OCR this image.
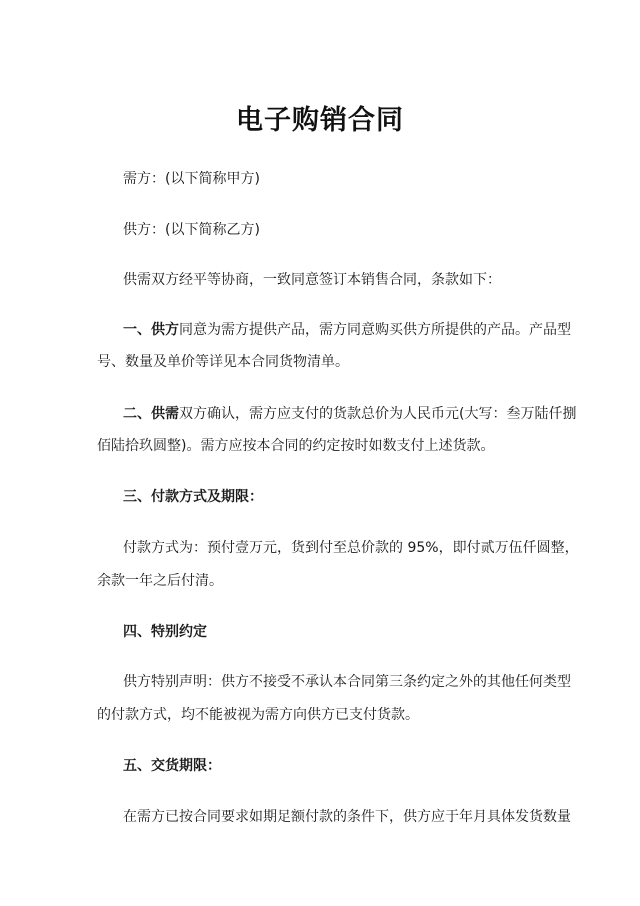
电子购销合同
需方：(以下简称甲方)
供方：(以下简称乙方)
供需双方经平等协商，一致同意签订本销售合同，条款如下：
一、供方同意为需方提供产品，需方同意购买供方所提供的产品。产品型
号、数量及单价等详见本合同货物清单。
二、供需双方确认，需方应支付的货款总价为人民币元(大写：叁万陆仟捌
佰陆拾玖圆整)。需方应按本合同的约定按时如数支付上述货款。
三、付款方式及期限：
付款方式为：预付壹万元，货到付至总价款的 95%，即付贰万伍仟圆整，
余款一年之后付清。
四、特别约定
供方特别声明：供方不接受不承认本合同第三条约定之外的其他任何类型
的付款方式，均不能被视为需方向供方已支付货款。
五、交货期限：
在需方已按合同要求如期足额付款的条件下，供方应于年月具体发货数量
